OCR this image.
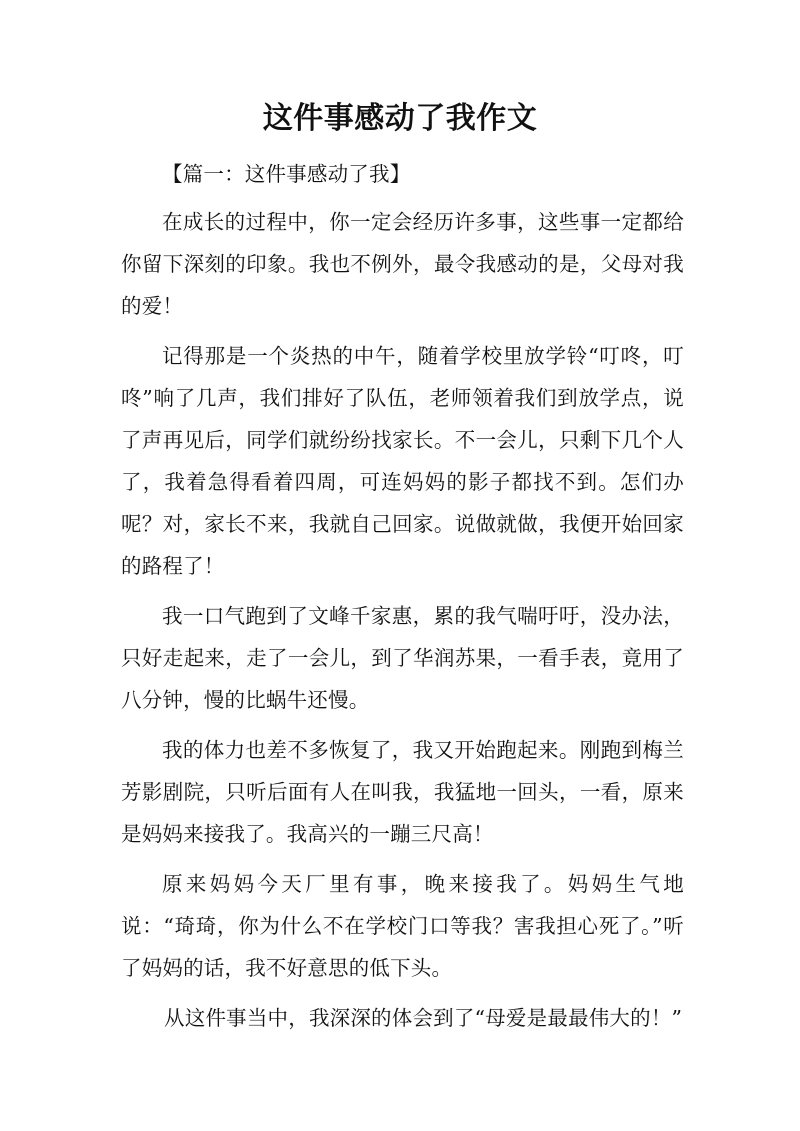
这件事感动了我作文

【篇一：这件事感动了我】

在成长的过程中，你一定会经历许多事，这些事一定都给你留下深刻的印象。我也不例外，最令我感动的是，父母对我的爱！

记得那是一个炎热的中午，随着学校里放学铃“叮咚，叮咚”响了几声，我们排好了队伍，老师领着我们到放学点，说了声再见后，同学们就纷纷找家长。不一会儿，只剩下几个人了，我着急得看着四周，可连妈妈的影子都找不到。怎们办呢？对，家长不来，我就自己回家。说做就做，我便开始回家的路程了！

我一口气跑到了文峰千家惠，累的我气喘吁吁，没办法，只好走起来，走了一会儿，到了华润苏果，一看手表，竟用了八分钟，慢的比蜗牛还慢。

我的体力也差不多恢复了，我又开始跑起来。刚跑到梅兰芳影剧院，只听后面有人在叫我，我猛地一回头，一看，原来是妈妈来接我了。我高兴的一蹦三尺高！

原来妈妈今天厂里有事，晚来接我了。妈妈生气地说：“琦琦，你为什么不在学校门口等我？害我担心死了。”听了妈妈的话，我不好意思的低下头。

从这件事当中，我深深的体会到了“母爱是最最伟大的！”
